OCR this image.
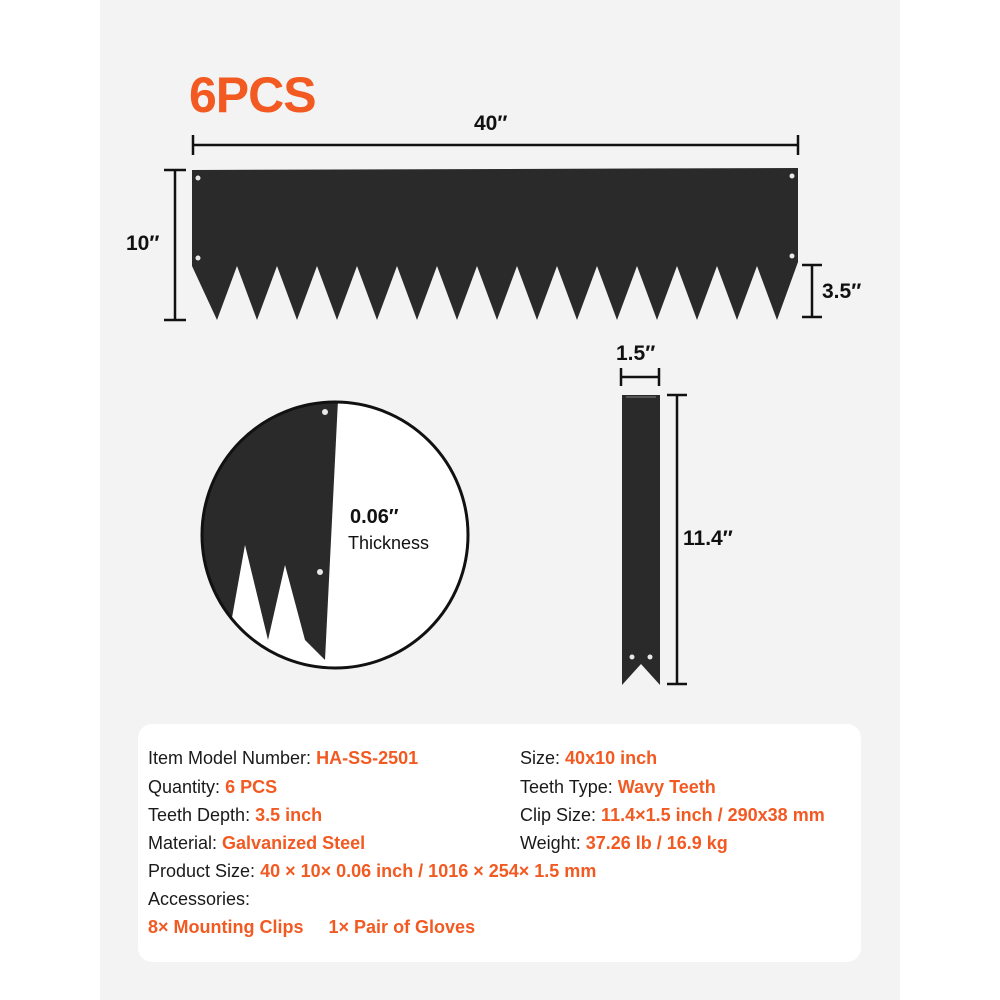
6PCS
40′′
10′′
3.5′′
1.5′′
11.4′′
0.06′′
Thickness
Item Model Number: HA-SS-2501	Size: 40x10 inch
Quantity: 6 PCS	Teeth Type: Wavy Teeth
Teeth Depth: 3.5 inch	Clip Size: 11.4×1.5 inch / 290x38 mm
Material: Galvanized Steel	Weight: 37.26 lb / 16.9 kg
Product Size: 40 × 10× 0.06 inch / 1016 × 254× 1.5 mm
Accessories:
8× Mounting Clips 1× Pair of Gloves
